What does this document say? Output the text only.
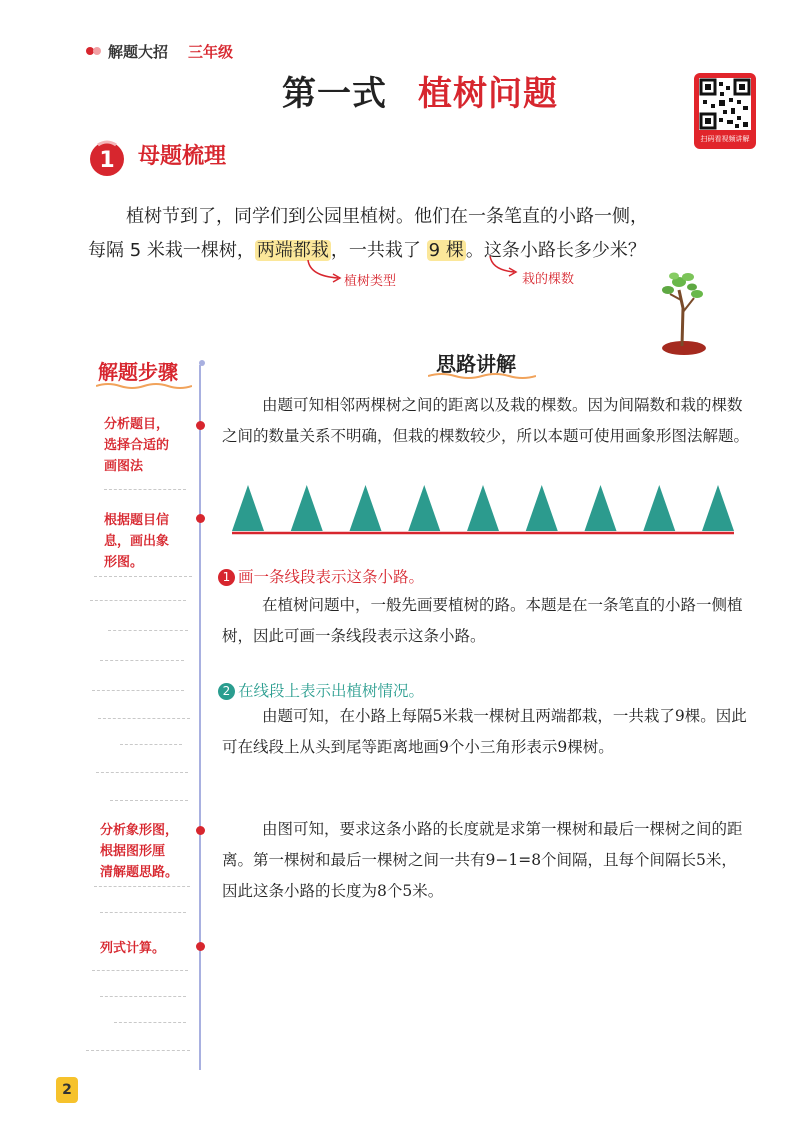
解题大招 三年级
第一式 植树问题
扫码看视频讲解
1 母题梳理
植树节到了，同学们到公园里植树。他们在一条笔直的小路一侧，
每隔 5 米栽一棵树， 两端都栽 ，一共栽了 9 棵 。这条小路长多少米？
植树类型	栽的棵数
解题步骤
分析题目，
选择合适的
画图法
根据题目信
息，画出象
形图。
分析象形图，
根据图形厘
清解题思路。
列式计算。
思路讲解
由题可知相邻两棵树之间的距离以及栽的棵数。因为间隔数和栽的棵数之间的数量关系不明确，但栽的棵数较少，所以本题可使用画象形图法解题。
1 画一条线段表示这条小路。
在植树问题中，一般先画要植树的路。本题是在一条笔直的小路一侧植树，因此可画一条线段表示这条小路。
2 在线段上表示出植树情况。
由题可知，在小路上每隔5米栽一棵树且两端都栽，一共栽了9棵。因此可在线段上从头到尾等距离地画9个小三角形表示9棵树。
由图可知，要求这条小路的长度就是求第一棵树和最后一棵树之间的距离。第一棵树和最后一棵树之间一共有9−1=8个间隔，且每个间隔长5米，因此这条小路的长度为8个5米。
2
